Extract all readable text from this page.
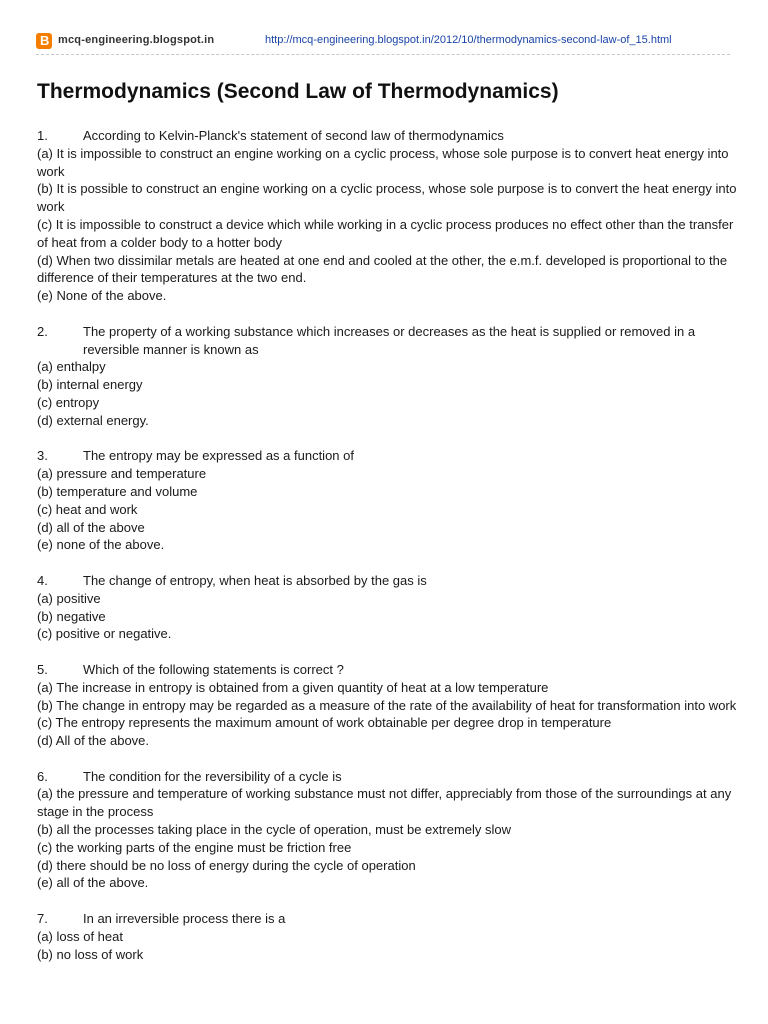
B mcq-engineering.blogspot.in	http://mcq-engineering.blogspot.in/2012/10/thermodynamics-second-law-of_15.html
Thermodynamics (Second Law of Thermodynamics)
1.	According to Kelvin-Planck's statement of second law of thermodynamics
(a) It is impossible to construct an engine working on a cyclic process, whose sole purpose is to convert heat energy into work
(b) It is possible to construct an engine working on a cyclic process, whose sole purpose is to convert the heat energy into work
(c) It is impossible to construct a device which while working in a cyclic process produces no effect other than the transfer of heat from a colder body to a hotter body
(d) When two dissimilar metals are heated at one end and cooled at the other, the e.m.f. developed is proportional to the difference of their temperatures at the two end.
(e) None of the above.
2.	The property of a working substance which increases or decreases as the heat is supplied or removed in a reversible manner is known as
(a) enthalpy
(b) internal energy
(c) entropy
(d) external energy.
3.	The entropy may be expressed as a function of
(a) pressure and temperature
(b) temperature and volume
(c) heat and work
(d) all of the above
(e) none of the above.
4.	The change of entropy, when heat is absorbed by the gas is
(a) positive
(b) negative
(c) positive or negative.
5.	Which of the following statements is correct ?
(a) The increase in entropy is obtained from a given quantity of heat at a low temperature
(b) The change in entropy may be regarded as a measure of the rate of the availability of heat for transformation into work
(c) The entropy represents the maximum amount of work obtainable per degree drop in temperature
(d) All of the above.
6.	The condition for the reversibility of a cycle is
(a) the pressure and temperature of working substance must not differ, appreciably from those of the surroundings at any stage in the process
(b) all the processes taking place in the cycle of operation, must be extremely slow
(c) the working parts of the engine must be friction free
(d) there should be no loss of energy during the cycle of operation
(e) all of the above.
7.	In an irreversible process there is a
(a) loss of heat
(b) no loss of work
